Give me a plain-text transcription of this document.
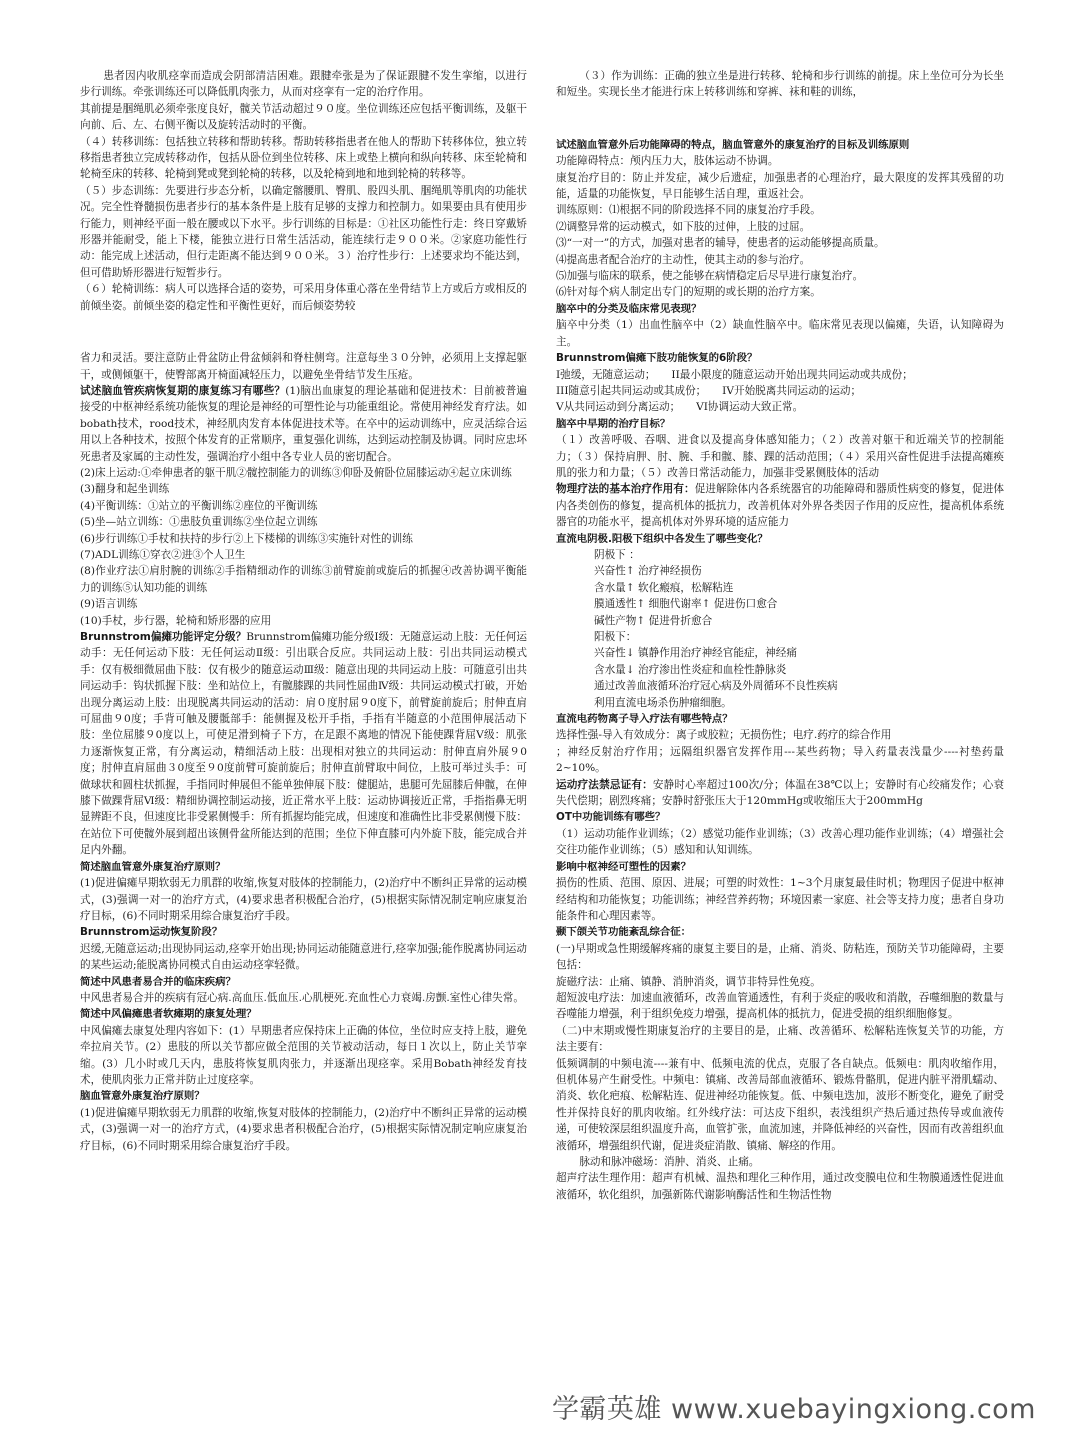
患者因内收肌痉挛而造成会阴部清洁困难。跟腱牵张是为了保证跟腱不发生挛缩，以进行步行训练。牵张训练还可以降低肌肉张力，从而对痉挛有一定的治疗作用。

其前提是腘绳肌必须牵张度良好，髋关节活动超过９０度。坐位训练还应包括平衡训练，及躯干向前、后、左、右侧平衡以及旋转活动时的平衡。

（４）转移训练：包括独立转移和帮助转移。帮助转移指患者在他人的帮助下转移体位，独立转移指患者独立完成转移动作，包括从卧位到坐位转移、床上或垫上横向和纵向转移、床至轮椅和轮椅至床的转移、轮椅到凳或凳到轮椅的转移，以及轮椅到地和地到轮椅的转移等。

（５）步态训练：先要进行步态分析，以确定髂腰肌、臀肌、股四头肌、腘绳肌等肌肉的功能状况。完全性脊髓损伤患者步行的基本条件是上肢有足够的支撑力和控制力。如果要由具有使用步行能力，则神经平面一般在腰或以下水平。步行训练的目标是：①社区功能性行走：终日穿戴矫形器并能耐受，能上下楼，能独立进行日常生活活动，能连续行走９００米。②家庭功能性行动：能完成上述活动，但行走距离不能达到９００米。３）治疗性步行：上述要求均不能达到，但可借助矫形器进行短暂步行。

（６）轮椅训练：病人可以选择合适的姿势，可采用身体重心落在坐骨结节上方或后方或相反的前倾坐姿。前倾坐姿的稳定性和平衡性更好，而后倾姿势较

省力和灵活。要注意防止骨盆防止骨盆倾斜和脊柱侧弯。注意每坐３０分钟，必须用上支撑起躯干，或侧倾躯干，使臀部离开椅面减轻压力，以避免坐骨结节发生压疮。

试述脑血管疾病恢复期的康复练习有哪些？(1)脑出血康复的理论基础和促进技术：目前被普遍接受的中枢神经系统功能恢复的理论是神经的可塑性论与功能重组论。常使用神经发育疗法。如bobath技术，rood技术，神经肌肉发育本体促进技术等。在卒中的运动训练中，应灵活综合运用以上各种技术，按照个体发育的正常顺序，重复强化训练，达到运动控制及协调。同时应忠坏死患者及家属的主动性发，强调治疗小组中各专业人员的密切配合。

(2)床上运动:①牵伸患者的躯干肌②髋控制能力的训练③仰卧及俯卧位屈膝运动④起立床训练

(3)翻身和起坐训练

(4)平衡训练：①站立的平衡训练②座位的平衡训练

(5)坐—站立训练：①患肢负重训练②坐位起立训练

(6)步行训练①手杖和扶持的步行②上下楼梯的训练③实施针对性的训练

(7)ADL训练①穿衣②进③个人卫生

(8)作业疗法①肩肘腕的训练②手指精细动作的训练③前臂旋前或旋后的抓握④改善协调平衡能力的训练⑤认知功能的训练

(9)语言训练

(10)手杖，步行器，轮椅和矫形器的应用

Brunnstrom偏瘫功能评定分级？Brunnstrom偏瘫功能分级Ⅰ级：无随意运动上肢：无任何运动手：无任何运动下肢：无任何运动Ⅱ级：引出联合反应。共同运动上肢：引出共同运动模式手：仅有极细微屈曲下肢：仅有极少的随意运动Ⅲ级：随意出现的共同运动上肢：可随意引出共同运动手：钩状抓握下肢：坐和站位上，有髋膝踝的共同性屈曲Ⅳ级：共同运动模式打破，开始出现分离运动上肢：出现脱离共同运动的活动：肩０度肘屈９0度下，前臂旋前旋后；肘伸直肩可屈曲９0度；手背可触及腰骶部手：能侧握及松开手指，手指有半随意的小范围伸展活动下肢：坐位屈膝９0度以上，可使足滑到椅子下方，在足跟不离地的情况下能使踝背屈Ⅴ级：肌张力逐渐恢复正常，有分离运动，精细活动上肢：出现相对独立的共同运动：肘伸直肩外展９0度；肘伸直肩屈曲３0度至９0度前臂可旋前旋后；肘伸直前臂取中间位，上肢可举过头手：可做球状和圆柱状抓握，手指同时伸展但不能单独伸展下肢：健腿站，患腿可先屈膝后伸髋，在伸膝下做踝背屈Ⅵ级：精细协调控制运动接，近正常水平上肢：运动协调接近正常，手指指鼻无明显辨距不良，但速度比非受累侧慢手：所有抓握均能完成，但速度和准确性比非受累侧慢下肢：在站位下可使髋外展到超出该侧骨盆所能达到的范围；坐位下伸直膝可内外旋下肢，能完成合并足内外翻。

简述脑血管意外康复治疗原则？

(1)促进偏瘫早期软弱无力肌群的收缩,恢复对肢体的控制能力，(2)治疗中不断纠正异常的运动模式，(3)强调一对一的治疗方式，(4)要求患者积极配合治疗，(5)根据实际情况制定响应康复治疗目标，(6)不同时期采用综合康复治疗手段。

Brunnstrom运动恢复阶段？

迟缓,无随意运动;出现协同运动,痉挛开始出现;协同运动能随意进行,痉挛加强;能作脱离协同运动的某些运动;能脱离协同模式自由运动痉挛轻微。

简述中风患者易合并的临床疾病？

中风患者易合并的疾病有冠心病.高血压.低血压.心肌梗死.充血性心力衰竭.房颤.室性心律失常。

简述中风偏瘫患者软瘫期的康复处理？

中风偏瘫去康复处理内容如下：(1）早期患者应保持床上正确的体位，坐位时应支持上肢，避免牵拉肩关节。(2）患肢的所以关节都应做全范围的关节被动活动，每日１次以上，防止关节挛缩。(3）几小时或几天内，患肢将恢复肌肉张力，并逐渐出现痉挛。采用Bobath神经发育技术，使肌肉张力正常并防止过度痉挛。

脑血管意外康复治疗原则？

(1)促进偏瘫早期软弱无力肌群的收缩,恢复对肢体的控制能力，(2)治疗中不断纠正异常的运动模式，(3)强调一对一的治疗方式，(4)要求患者积极配合治疗，(5)根据实际情况制定响应康复治疗目标，(6)不同时期采用综合康复治疗手段。

（３）作为训练：正确的独立坐是进行转移、轮椅和步行训练的前提。床上坐位可分为长坐和短坐。实现长坐才能进行床上转移训练和穿裤、袜和鞋的训练，

试述脑血管意外后功能障碍的特点，脑血管意外的康复治疗的目标及训练原则

功能障碍特点：颅内压力大，肢体运动不协调。

康复治疗目的：防止并发症，减少后遗症，加强患者的心理治疗，最大限度的发挥其残留的功能，适量的功能恢复，早日能够生活自理，重返社会。

训练原则：⑴根据不同的阶段选择不同的康复治疗手段。

⑵调整异常的运动模式，如下肢的过伸，上肢的过屈。

⑶“一对一”的方式，加强对患者的辅导，使患者的运动能够提高质量。

⑷提高患者配合治疗的主动性，使其主动的参与治疗。

⑸加强与临床的联系，使之能够在病情稳定后尽早进行康复治疗。

⑹针对每个病人制定出专门的短期的或长期的治疗方案。

脑卒中的分类及临床常见表现？

脑卒中分类（1）出血性脑卒中（2）缺血性脑卒中。临床常见表现以偏瘫，失语，认知障碍为主。

Brunnstrom偏瘫下肢功能恢复的6阶段？

I弛缓，无随意运动；　　II最小限度的随意运动开始出现共同运动或共成份；

III随意引起共同运动或其成份；　　IV开始脱离共同运动的运动；

V从共同运动到分离运动；　　VI协调运动大致正常。

脑卒中早期的治疗目标？

（１）改善呼吸、吞咽、进食以及提高身体感知能力；（２）改善对躯干和近端关节的控制能力；（３）保持肩胛、肘、腕、手和髋、膝、踝的活动范围；（４）采用兴奋性促进手法提高瘫痪肌的张力和力量；（５）改善日常活动能力，加强非受累侧肢体的活动

物理疗法的基本治疗作用有：促进解除体内各系统器官的功能障碍和器质性病变的修复，促进体内各类创伤的修复，提高机体的抵抗力，改善机体对外界各类因子作用的反应性，提高机体系统器官的功能水平，提高机体对外界环境的适应能力

直流电阴极.阳极下组织中各发生了哪些变化？

阴极下 ：

兴奋性↑ 治疗神经损伤

含水量↑ 软化瘢痕，松解粘连

膜通透性↑ 细胞代谢率↑ 促进伤口愈合

碱性产物↑ 促进骨折愈合

阳极下：

兴奋性↓ 镇静作用治疗神经官能症，神经痛

含水量↓ 治疗渗出性炎症和血栓性静脉炎

通过改善血液循环治疗冠心病及外周循环不良性疾病

利用直流电场杀伤肿瘤细胞。

直流电药物离子导入疗法有哪些特点？

选择性强-导入有效成分：离子或胶粒；无损伤性；电疗.药疗的综合作用

；神经反射治疗作用；远隔组织器官发挥作用---某些药物；导入药量表浅量少----衬垫药量2~10%。

运动疗法禁忌证有：安静时心率超过100次/分；体温在38℃以上；安静时有心绞痛发作；心衰失代偿期；剧烈疼痛；安静时舒张压大于120mmHg或收缩压大于200mmHg

OT中功能训练有哪些？

（1）运动功能作业训练；（2）感觉功能作业训练；（3）改善心理功能作业训练；（4）增强社会交往功能作业训练；（5）感知和认知训练。

影响中枢神经可塑性的因素？

损伤的性质、范围、原因、进展；可塑的时效性：1~3个月康复最佳时机；物理因子促进中枢神经结构和功能恢复；功能训练；神经营养药物；环境因素一家庭、社会等支持力度；患者自身功能条件和心理因素等。

颞下颌关节功能紊乱综合征：

(一)早期或急性期缓解疼痛的康复主要目的是，止痛、消炎、防粘连，预防关节功能障碍，主要包括：

旋磁疗法：止痛、镇静、消肿消炎，调节非特异性免疫。

超短波电疗法：加速血液循环，改善血管通透性，有利于炎症的吸收和消散，吞噬细胞的数量与吞噬能力增强，利于组织免疫力增强，提高机体的抵抗力，促进受损的组织细胞修复。

（二)中末期或慢性期康复治疗的主要目的是，止痛、改善循环、松解粘连恢复关节的功能，方法主要有：

低频调制的中频电流----兼有中、低频电流的优点，克服了各自缺点。低频电：肌肉收缩作用，但机体易产生耐受性。中频电：镇痛、改善局部血液循环、锻炼骨骼肌，促进内脏平滑肌蠕动、消炎、软化疤痕、松解粘连、促进神经功能恢复。低、中频电迭加，波形不断变化，避免了耐受性并保持良好的肌肉收缩。红外线疗法：可达皮下组织，表浅组织产热后通过热传导或血液传递，可使较深层组织温度升高，血管扩张，血流加速，并降低神经的兴奋性，因而有改善组织血液循环，增强组织代谢，促进炎症消散、镇痛、解痉的作用。

脉动和脉冲磁场：消肿、消炎、止痛。

超声疗法生理作用：超声有机械、温热和理化三种作用，通过改变膜电位和生物膜通透性促进血液循环，软化组织，加强新陈代谢影响酶活性和生物活性物

学霸英雄 www.xuebayingxiong.com
